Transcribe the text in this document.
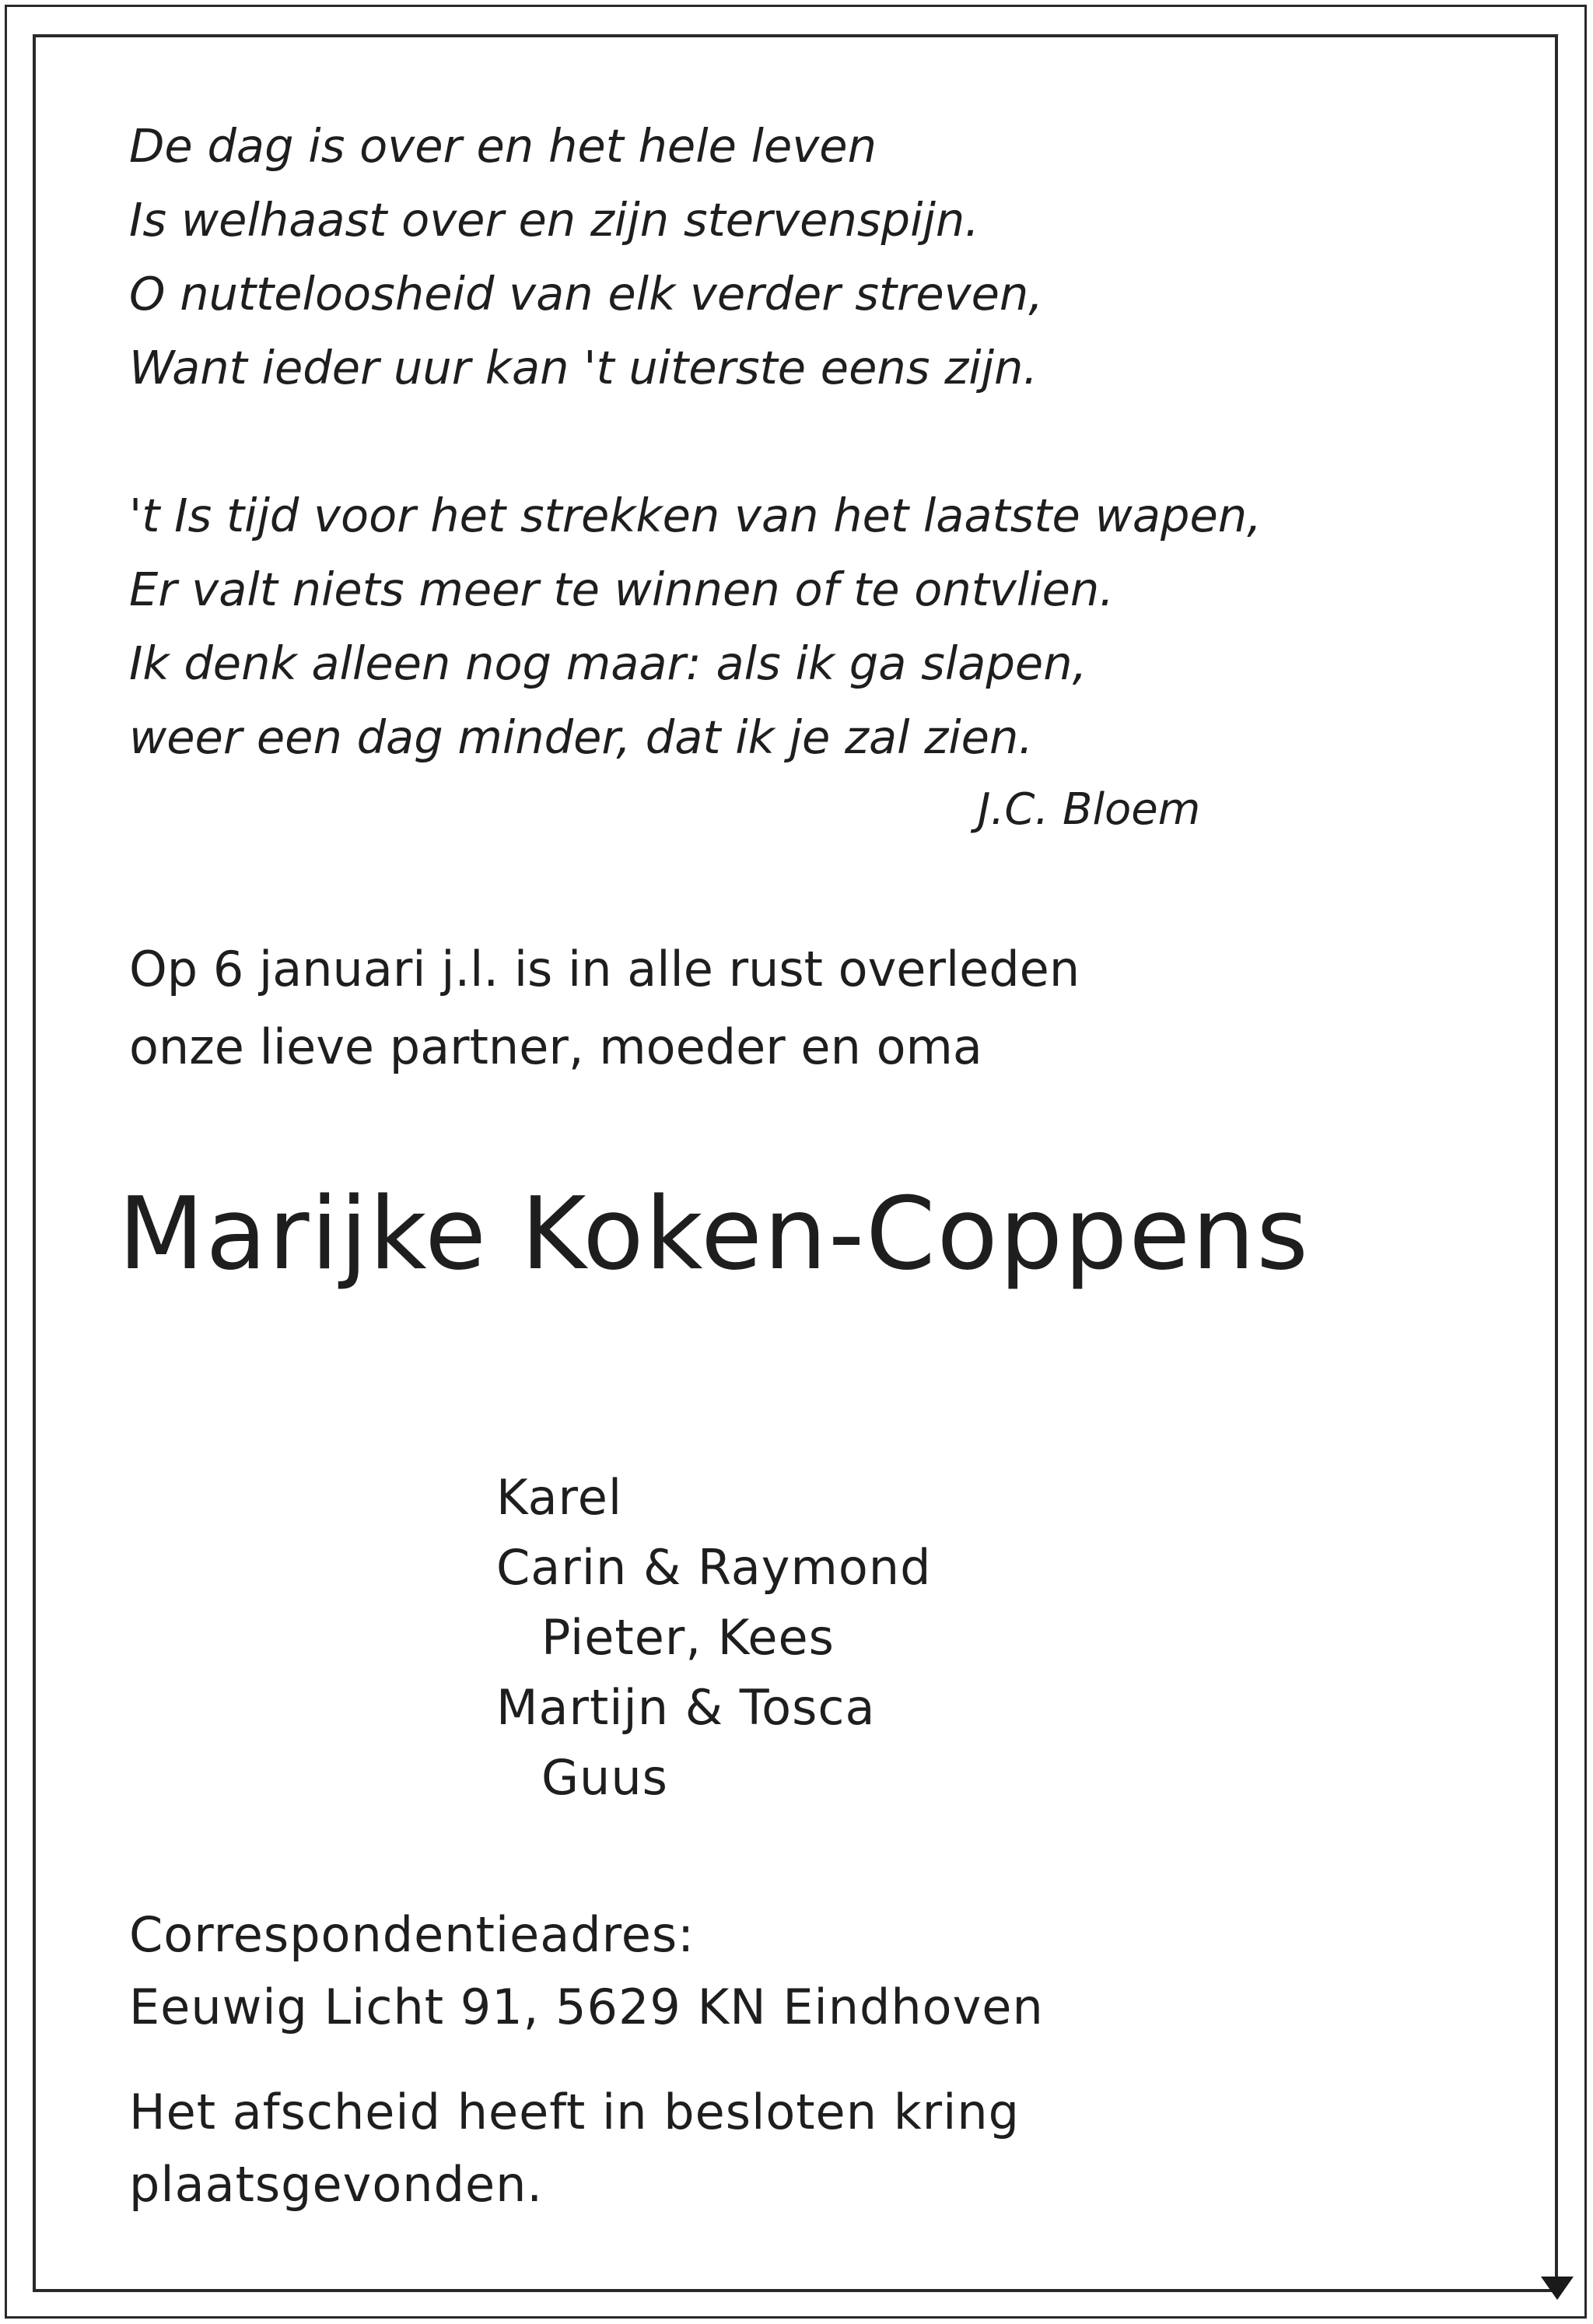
De dag is over en het hele leven
Is welhaast over en zijn stervenspijn.
O nutteloosheid van elk verder streven,
Want ieder uur kan 't uiterste eens zijn.
't Is tijd voor het strekken van het laatste wapen,
Er valt niets meer te winnen of te ontvlien.
Ik denk alleen nog maar: als ik ga slapen,
weer een dag minder, dat ik je zal zien.
J.C. Bloem
Op 6 januari j.l. is in alle rust overleden
onze lieve partner, moeder en oma
Marijke Koken-Coppens
Karel
Carin & Raymond
Pieter, Kees
Martijn & Tosca
Guus
Correspondentieadres:
Eeuwig Licht 91, 5629 KN Eindhoven
Het afscheid heeft in besloten kring
plaatsgevonden.
